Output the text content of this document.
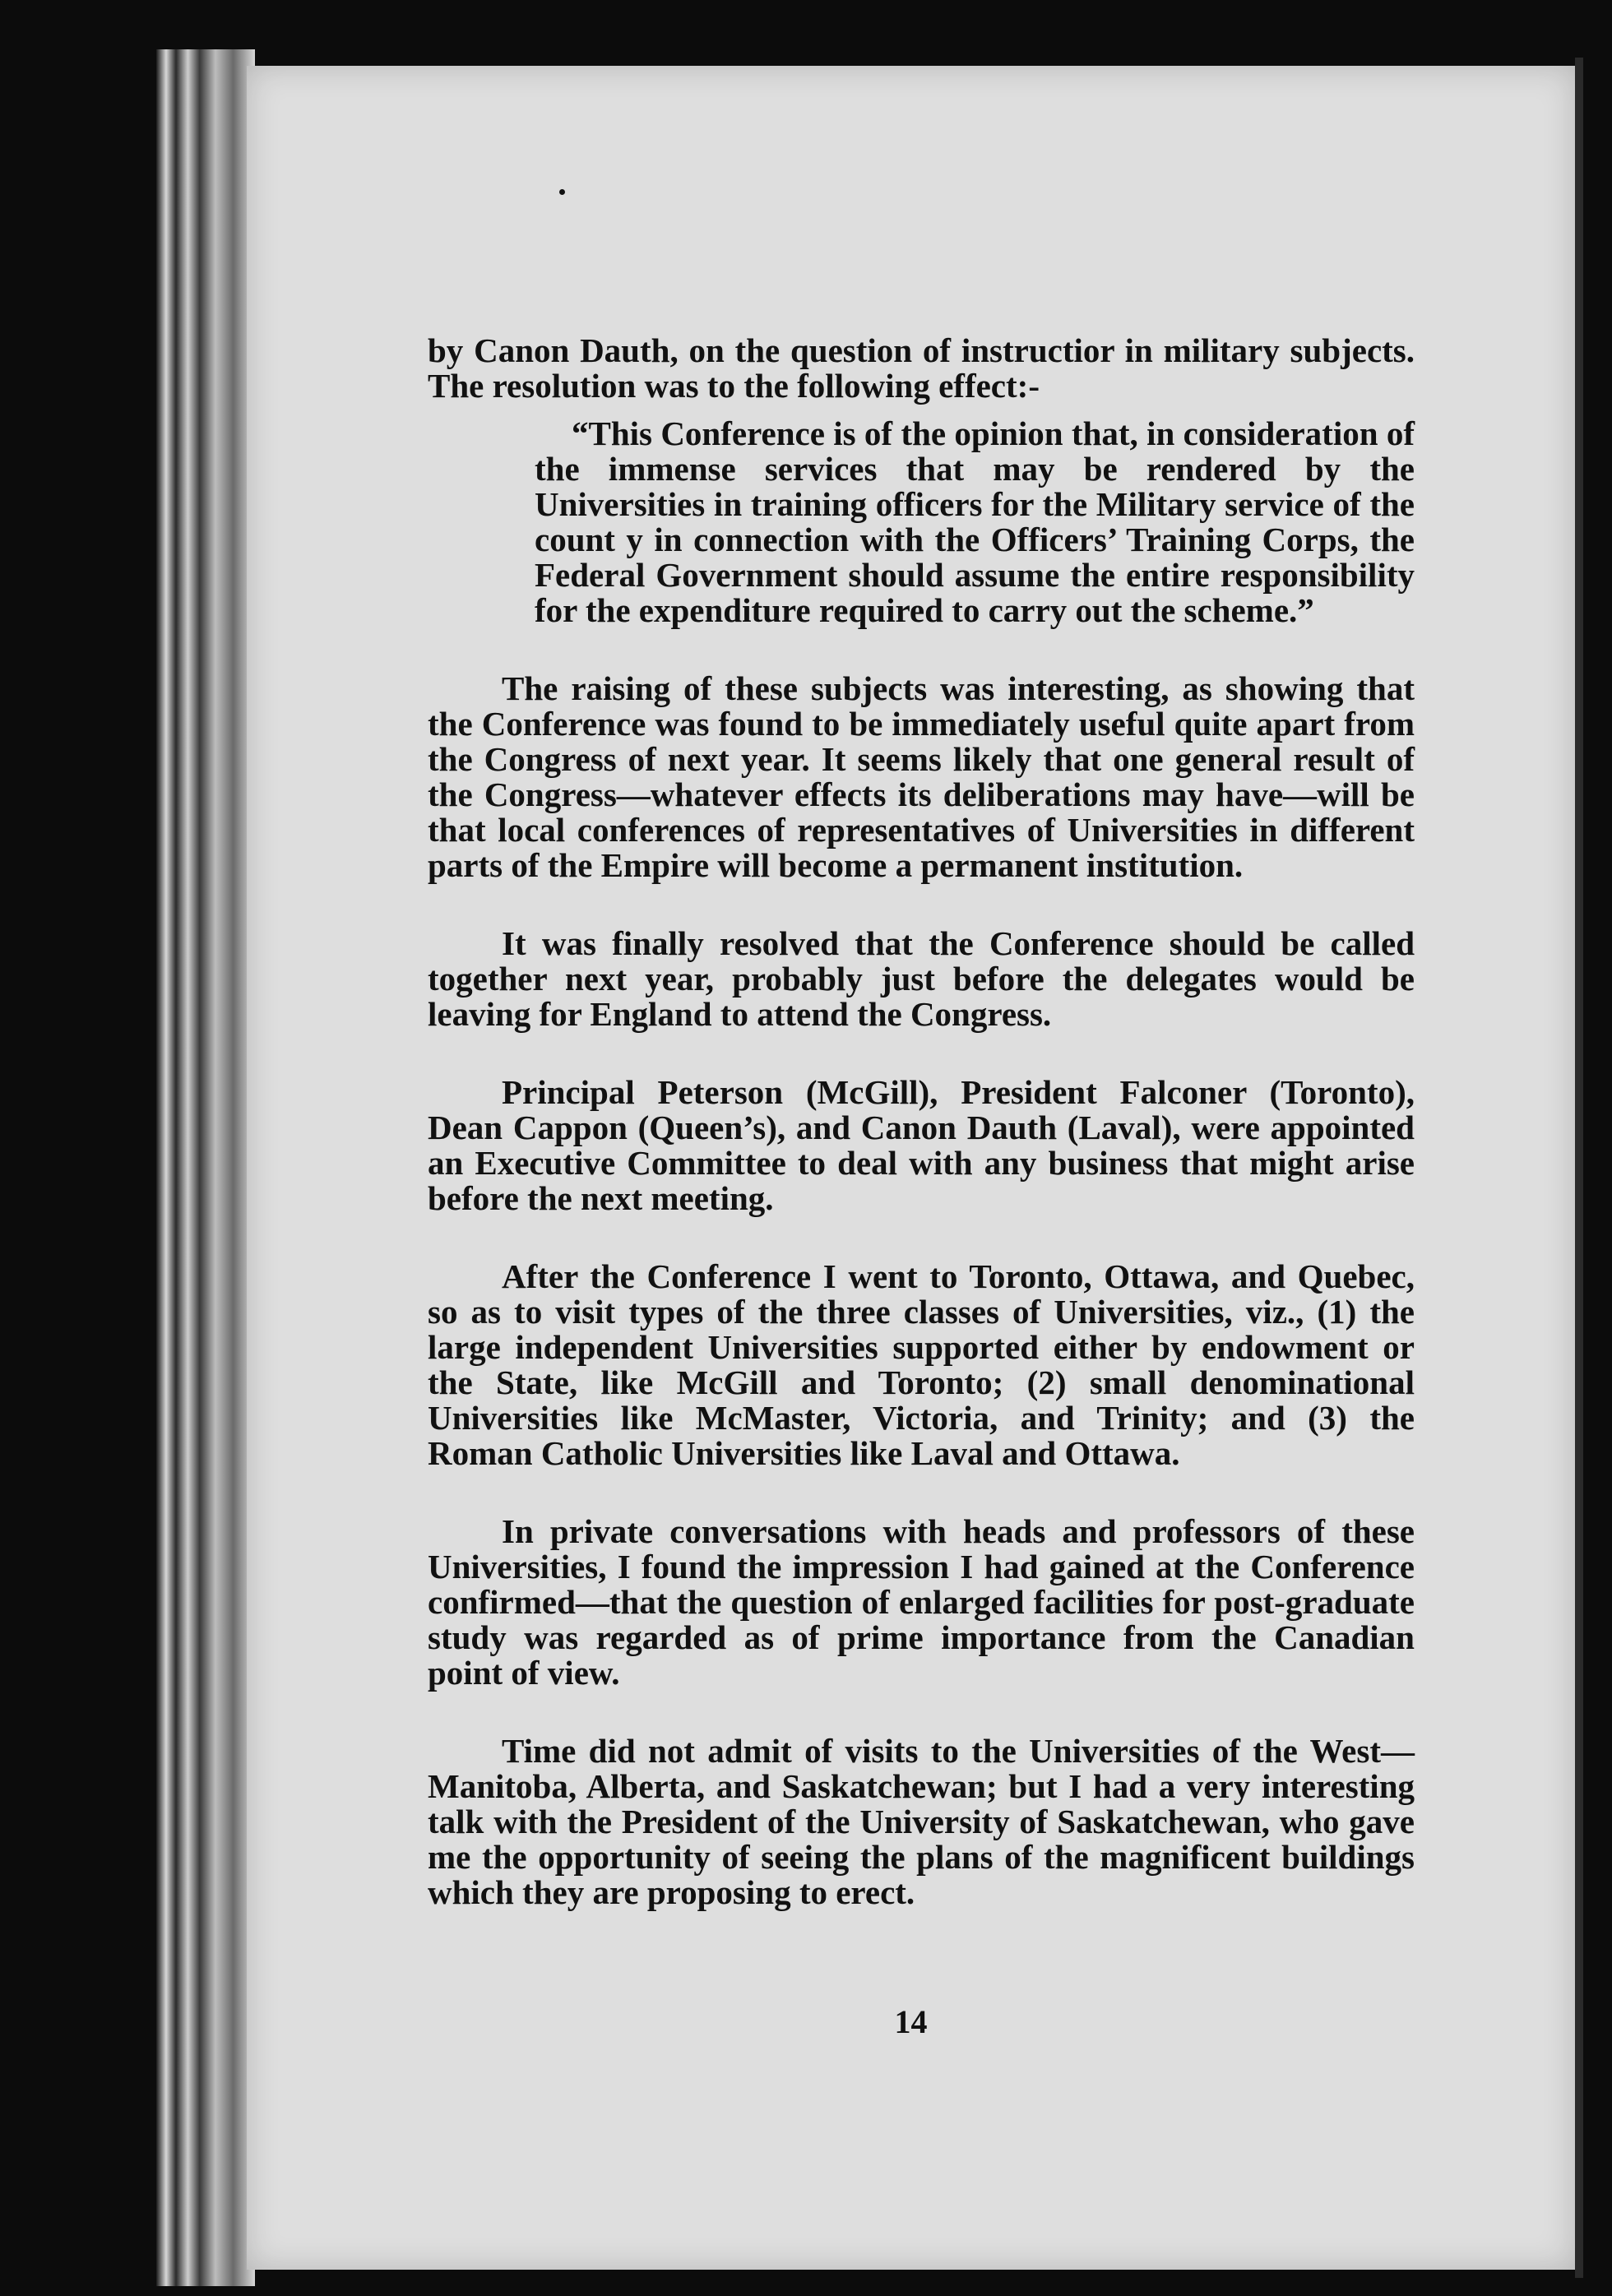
by Canon Dauth, on the question of instructior in military subjects. The resolution was to the following effect:-

“This Conference is of the opinion that, in consideration of the immense services that may be rendered by the Universities in training officers for the Military service of the count y in connection with the Officers’ Training Corps, the Federal Government should assume the entire responsibility for the expenditure required to carry out the scheme.”

The raising of these subjects was interesting, as showing that the Conference was found to be immediately useful quite apart from the Congress of next year. It seems likely that one general result of the Congress—whatever effects its deliberations may have—will be that local conferences of representatives of Universities in different parts of the Empire will become a permanent institution.

It was finally resolved that the Conference should be called together next year, probably just before the delegates would be leaving for England to attend the Congress.

Principal Peterson (McGill), President Falconer (Toronto), Dean Cappon (Queen’s), and Canon Dauth (Laval), were appointed an Executive Committee to deal with any business that might arise before the next meeting.

After the Conference I went to Toronto, Ottawa, and Quebec, so as to visit types of the three classes of Universities, viz., (1) the large independent Universities supported either by endowment or the State, like McGill and Toronto; (2) small denominational Universities like McMaster, Victoria, and Trinity; and (3) the Roman Catholic Universities like Laval and Ottawa.

In private conversations with heads and professors of these Universities, I found the impression I had gained at the Conference confirmed—that the question of enlarged facilities for post-graduate study was regarded as of prime importance from the Canadian point of view.

Time did not admit of visits to the Universities of the West—Manitoba, Alberta, and Saskatchewan; but I had a very interesting talk with the President of the University of Saskatchewan, who gave me the opportunity of seeing the plans of the magnificent buildings which they are proposing to erect.

14
